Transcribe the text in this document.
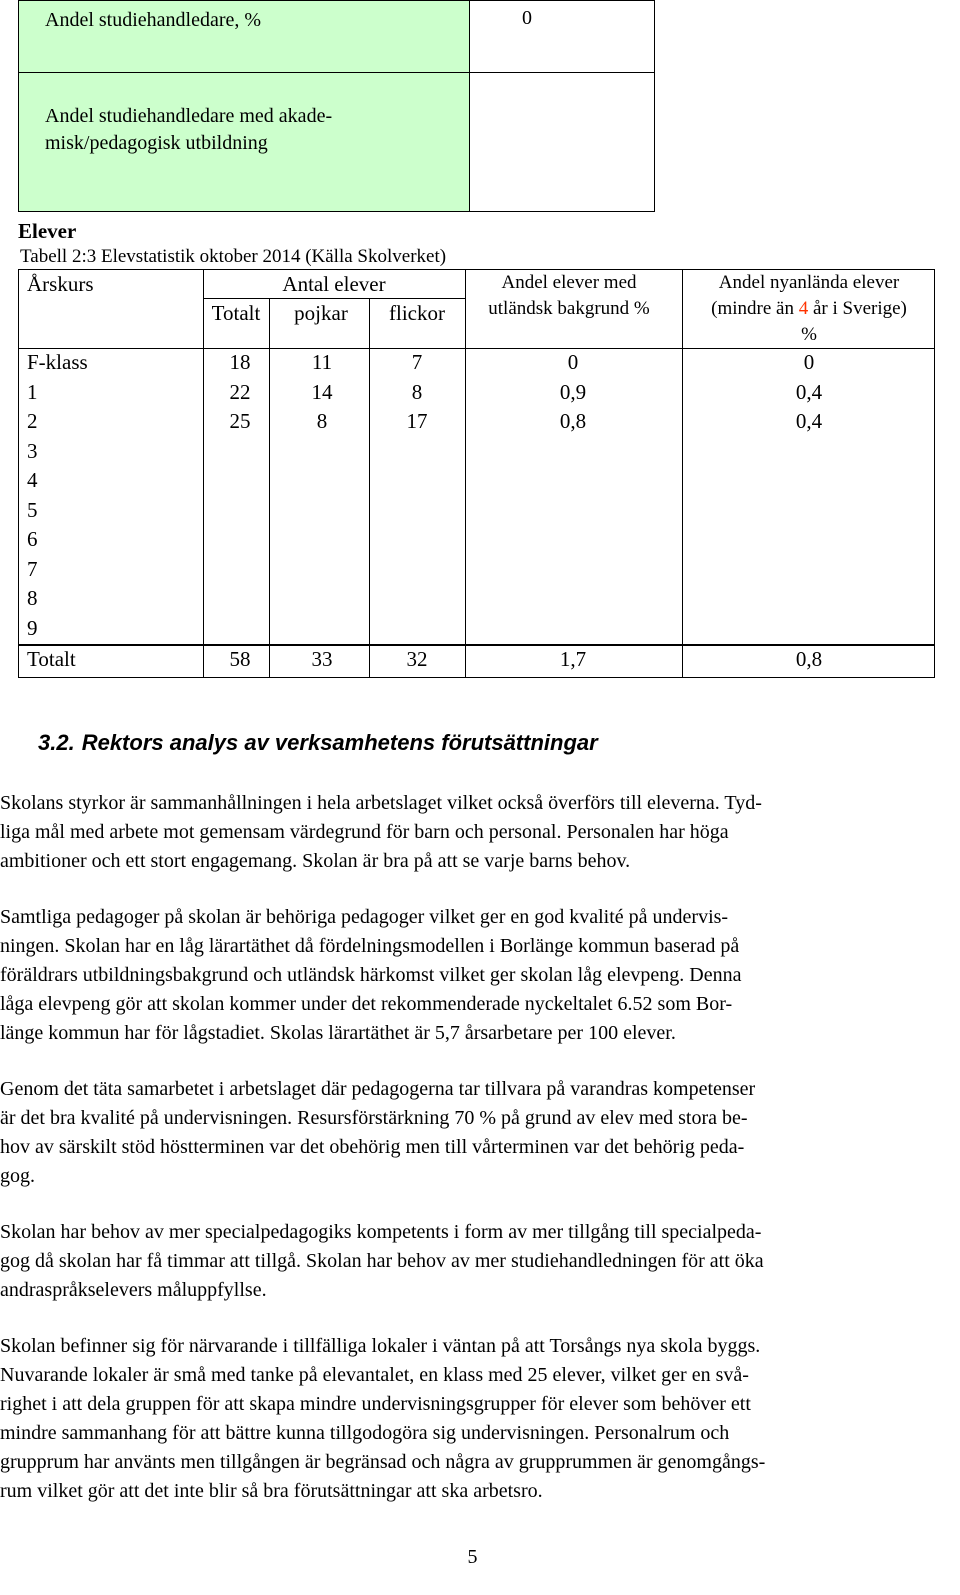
Andel studiehandledare, %	0
Andel studiehandledare med akade-
misk/pedagogisk utbildning	
Elever
Tabell 2:3 Elevstatistik oktober 2014 (Källa Skolverket)
Årskurs	Antal elever
Totalt pojkar flickor
Andel elever med
utländsk bakgrund %
Andel nyanlända elever
(mindre än 4 år i Sverige)
%
F-klass	18	11	7	0	0
1	22	14	8	0,9	0,4
2	25	8	17	0,8	0,4
3
4
5
6
7
8
9
Totalt	58	33	32	1,7	0,8
3.2. Rektors analys av verksamhetens förutsättningar
Skolans styrkor är sammanhållningen i hela arbetslaget vilket också överförs till eleverna. Tyd-
liga mål med arbete mot gemensam värdegrund för barn och personal. Personalen har höga
ambitioner och ett stort engagemang. Skolan är bra på att se varje barns behov.
Samtliga pedagoger på skolan är behöriga pedagoger vilket ger en god kvalité på undervis-
ningen. Skolan har en låg lärartäthet då fördelningsmodellen i Borlänge kommun baserad på
föräldrars utbildningsbakgrund och utländsk härkomst vilket ger skolan låg elevpeng. Denna
låga elevpeng gör att skolan kommer under det rekommenderade nyckeltalet 6.52 som Bor-
länge kommun har för lågstadiet. Skolas lärartäthet är 5,7 årsarbetare per 100 elever.
Genom det täta samarbetet i arbetslaget där pedagogerna tar tillvara på varandras kompetenser
är det bra kvalité på undervisningen. Resursförstärkning 70 % på grund av elev med stora be-
hov av särskilt stöd höstterminen var det obehörig men till vårterminen var det behörig peda-
gog.
Skolan har behov av mer specialpedagogiks kompetents i form av mer tillgång till specialpeda-
gog då skolan har få timmar att tillgå. Skolan har behov av mer studiehandledningen för att öka
andraspråkselevers måluppfyllse.
Skolan befinner sig för närvarande i tillfälliga lokaler i väntan på att Torsångs nya skola byggs.
Nuvarande lokaler är små med tanke på elevantalet, en klass med 25 elever, vilket ger en svå-
righet i att dela gruppen för att skapa mindre undervisningsgrupper för elever som behöver ett
mindre sammanhang för att bättre kunna tillgodogöra sig undervisningen. Personalrum och
grupprum har använts men tillgången är begränsad och några av grupprummen är genomgångs-
rum vilket gör att det inte blir så bra förutsättningar att ska arbetsro.
5
